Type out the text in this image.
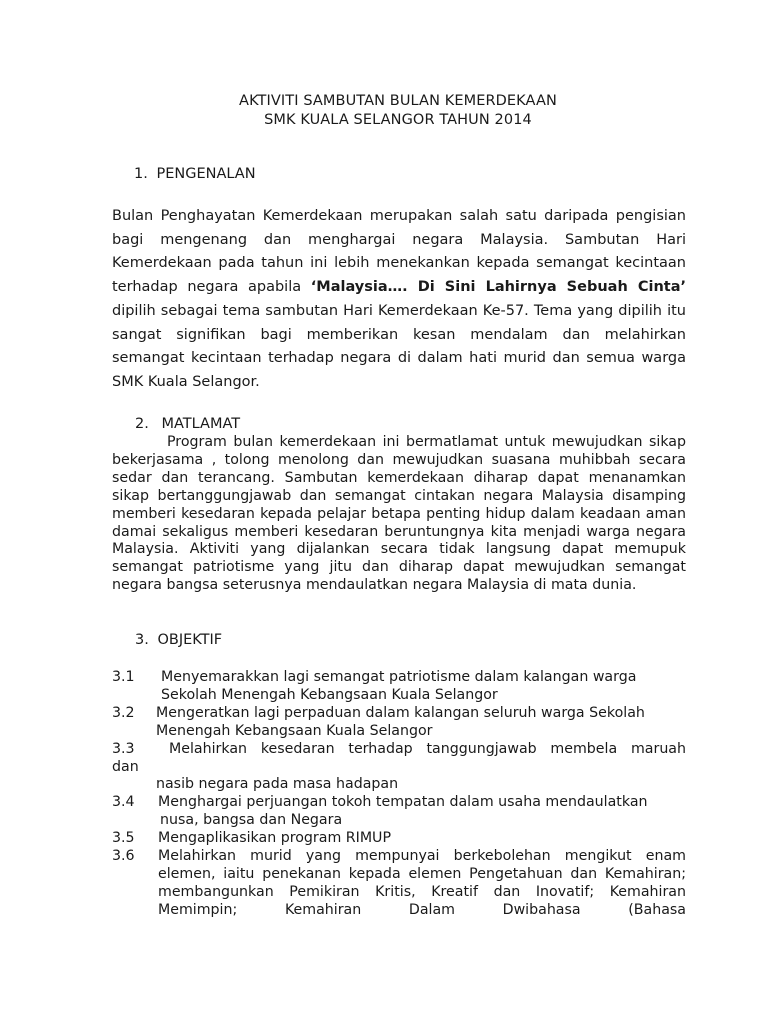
AKTIVITI SAMBUTAN BULAN KEMERDEKAAN
SMK KUALA SELANGOR TAHUN 2014
1. PENGENALAN
Bulan Penghayatan Kemerdekaan merupakan salah satu daripada pengisian bagi mengenang dan menghargai negara Malaysia. Sambutan Hari Kemerdekaan pada tahun ini lebih menekankan kepada semangat kecintaan terhadap negara apabila ‘Malaysia…. Di Sini Lahirnya Sebuah Cinta’ dipilih sebagai tema sambutan Hari Kemerdekaan Ke-57. Tema yang dipilih itu sangat signifikan bagi memberikan kesan mendalam dan melahirkan semangat kecintaan terhadap negara di dalam hati murid dan semua warga SMK Kuala Selangor.
2. MATLAMAT
Program bulan kemerdekaan ini bermatlamat untuk mewujudkan sikap bekerjasama , tolong menolong dan mewujudkan suasana muhibbah secara sedar dan terancang. Sambutan kemerdekaan diharap dapat menanamkan sikap bertanggungjawab dan semangat cintakan negara Malaysia disamping memberi kesedaran kepada pelajar betapa penting hidup dalam keadaan aman damai sekaligus memberi kesedaran beruntungnya kita menjadi warga negara Malaysia. Aktiviti yang dijalankan secara tidak langsung dapat memupuk semangat patriotisme yang jitu dan diharap dapat mewujudkan semangat negara bangsa seterusnya mendaulatkan negara Malaysia di mata dunia.
3. OBJEKTIF
3.1	Menyemarakkan lagi semangat patriotisme dalam kalangan warga
Sekolah Menengah Kebangsaan Kuala Selangor
3.2	Mengeratkan lagi perpaduan dalam kalangan seluruh warga Sekolah
Menengah Kebangsaan Kuala Selangor
3.3	Melahirkan kesedaran terhadap tanggungjawab membela maruah
dan
nasib negara pada masa hadapan
3.4	Menghargai perjuangan tokoh tempatan dalam usaha mendaulatkan
nusa, bangsa dan Negara
3.5	Mengaplikasikan program RIMUP
3.6 Melahirkan murid yang mempunyai berkebolehan mengikut enam elemen, iaitu penekanan kepada elemen Pengetahuan dan Kemahiran; membangunkan Pemikiran Kritis, Kreatif dan Inovatif; Kemahiran Memimpin; Kemahiran Dalam Dwibahasa (Bahasa
